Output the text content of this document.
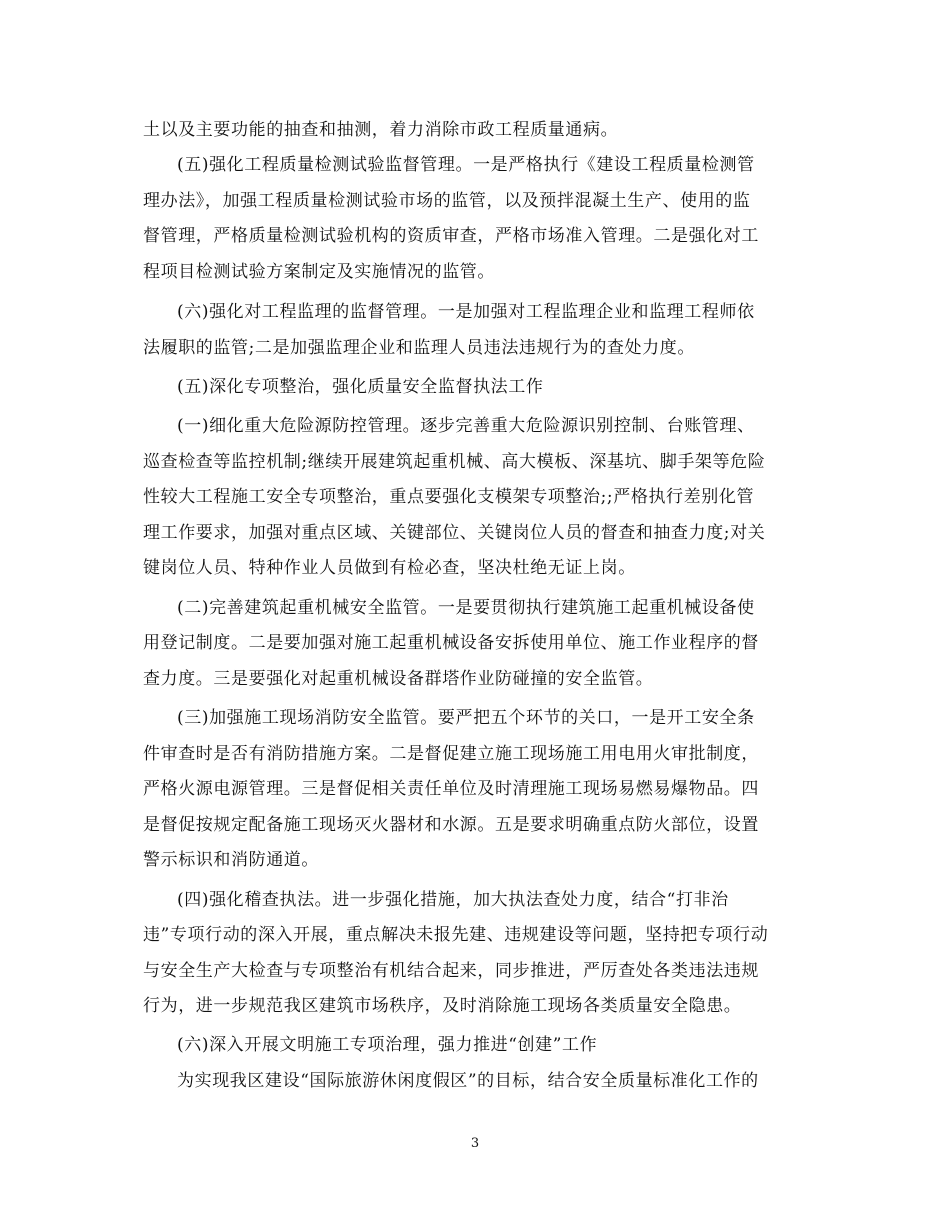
土以及主要功能的抽查和抽测，着力消除市政工程质量通病。
(五)强化工程质量检测试验监督管理。一是严格执行《建设工程质量检测管
理办法》，加强工程质量检测试验市场的监管，以及预拌混凝土生产、使用的监
督管理，严格质量检测试验机构的资质审查，严格市场准入管理。二是强化对工
程项目检测试验方案制定及实施情况的监管。
(六)强化对工程监理的监督管理。一是加强对工程监理企业和监理工程师依
法履职的监管;二是加强监理企业和监理人员违法违规行为的查处力度。
(五)深化专项整治，强化质量安全监督执法工作
(一)细化重大危险源防控管理。逐步完善重大危险源识别控制、台账管理、
巡查检查等监控机制;继续开展建筑起重机械、高大模板、深基坑、脚手架等危险
性较大工程施工安全专项整治，重点要强化支模架专项整治;;严格执行差别化管
理工作要求，加强对重点区域、关键部位、关键岗位人员的督查和抽查力度;对关
键岗位人员、特种作业人员做到有检必查，坚决杜绝无证上岗。
(二)完善建筑起重机械安全监管。一是要贯彻执行建筑施工起重机械设备使
用登记制度。二是要加强对施工起重机械设备安拆使用单位、施工作业程序的督
查力度。三是要强化对起重机械设备群塔作业防碰撞的安全监管。
(三)加强施工现场消防安全监管。要严把五个环节的关口，一是开工安全条
件审查时是否有消防措施方案。二是督促建立施工现场施工用电用火审批制度，
严格火源电源管理。三是督促相关责任单位及时清理施工现场易燃易爆物品。四
是督促按规定配备施工现场灭火器材和水源。五是要求明确重点防火部位，设置
警示标识和消防通道。
(四)强化稽查执法。进一步强化措施，加大执法查处力度，结合“打非治
违”专项行动的深入开展，重点解决未报先建、违规建设等问题，坚持把专项行动
与安全生产大检查与专项整治有机结合起来，同步推进，严厉查处各类违法违规
行为，进一步规范我区建筑市场秩序，及时消除施工现场各类质量安全隐患。
(六)深入开展文明施工专项治理，强力推进“创建”工作
为实现我区建设“国际旅游休闲度假区”的目标，结合安全质量标准化工作的
3
